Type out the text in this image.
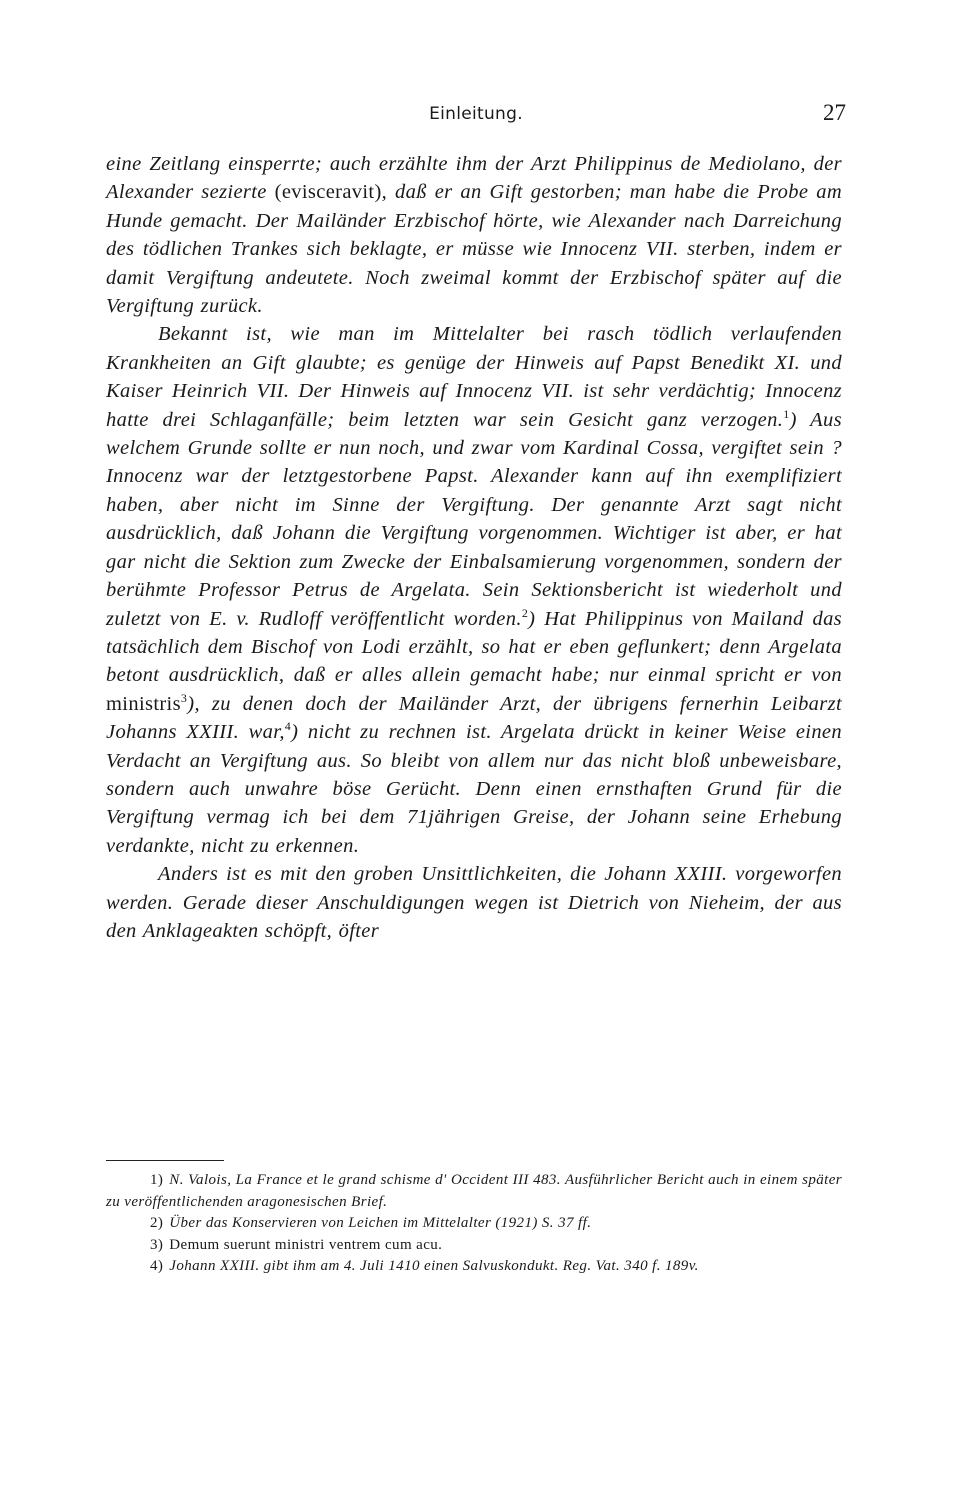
Einleitung.	27

eine Zeitlang einsperrte; auch erzählte ihm der Arzt Philippinus de Mediolano, der Alexander sezierte (evisceravit), daß er an Gift gestorben; man habe die Probe am Hunde gemacht. Der Mailänder Erzbischof hörte, wie Alexander nach Darreichung des tödlichen Trankes sich beklagte, er müsse wie Innocenz VII. sterben, indem er damit Vergiftung andeutete. Noch zweimal kommt der Erzbischof später auf die Vergiftung zurück.

Bekannt ist, wie man im Mittelalter bei rasch tödlich verlaufenden Krankheiten an Gift glaubte; es genüge der Hinweis auf Papst Benedikt XI. und Kaiser Heinrich VII. Der Hinweis auf Innocenz VII. ist sehr verdächtig; Innocenz hatte drei Schlaganfälle; beim letzten war sein Gesicht ganz verzogen.$^1$) Aus welchem Grunde sollte er nun noch, und zwar vom Kardinal Cossa, vergiftet sein ? Innocenz war der letztgestorbene Papst. Alexander kann auf ihn exemplifiziert haben, aber nicht im Sinne der Vergiftung. Der genannte Arzt sagt nicht ausdrücklich, daß Johann die Vergiftung vorgenommen. Wichtiger ist aber, er hat gar nicht die Sektion zum Zwecke der Einbalsamierung vorgenommen, sondern der berühmte Professor Petrus de Argelata. Sein Sektionsbericht ist wiederholt und zuletzt von E. v. Rudloff veröffentlicht worden.$^2$) Hat Philippinus von Mailand das tatsächlich dem Bischof von Lodi erzählt, so hat er eben geflunkert; denn Argelata betont ausdrücklich, daß er alles allein gemacht habe; nur einmal spricht er von ministris$^3$), zu denen doch der Mailänder Arzt, der übrigens fernerhin Leibarzt Johanns XXIII. war,$^4$) nicht zu rechnen ist. Argelata drückt in keiner Weise einen Verdacht an Vergiftung aus. So bleibt von allem nur das nicht bloß unbeweisbare, sondern auch unwahre böse Gerücht. Denn einen ernsthaften Grund für die Vergiftung vermag ich bei dem 71jährigen Greise, der Johann seine Erhebung verdankte, nicht zu erkennen.

Anders ist es mit den groben Unsittlichkeiten, die Johann XXIII. vorgeworfen werden. Gerade dieser Anschuldigungen wegen ist Dietrich von Nieheim, der aus den Anklageakten schöpft, öfter

1) N. Valois, La France et le grand schisme d' Occident III 483. Ausführlicher Bericht auch in einem später zu veröffentlichenden aragonesischen Brief.

2) Über das Konservieren von Leichen im Mittelalter (1921) S. 37 ff.

3) Demum suerunt ministri ventrem cum acu.

4) Johann XXIII. gibt ihm am 4. Juli 1410 einen Salvuskondukt. Reg. Vat. 340 f. 189v.
